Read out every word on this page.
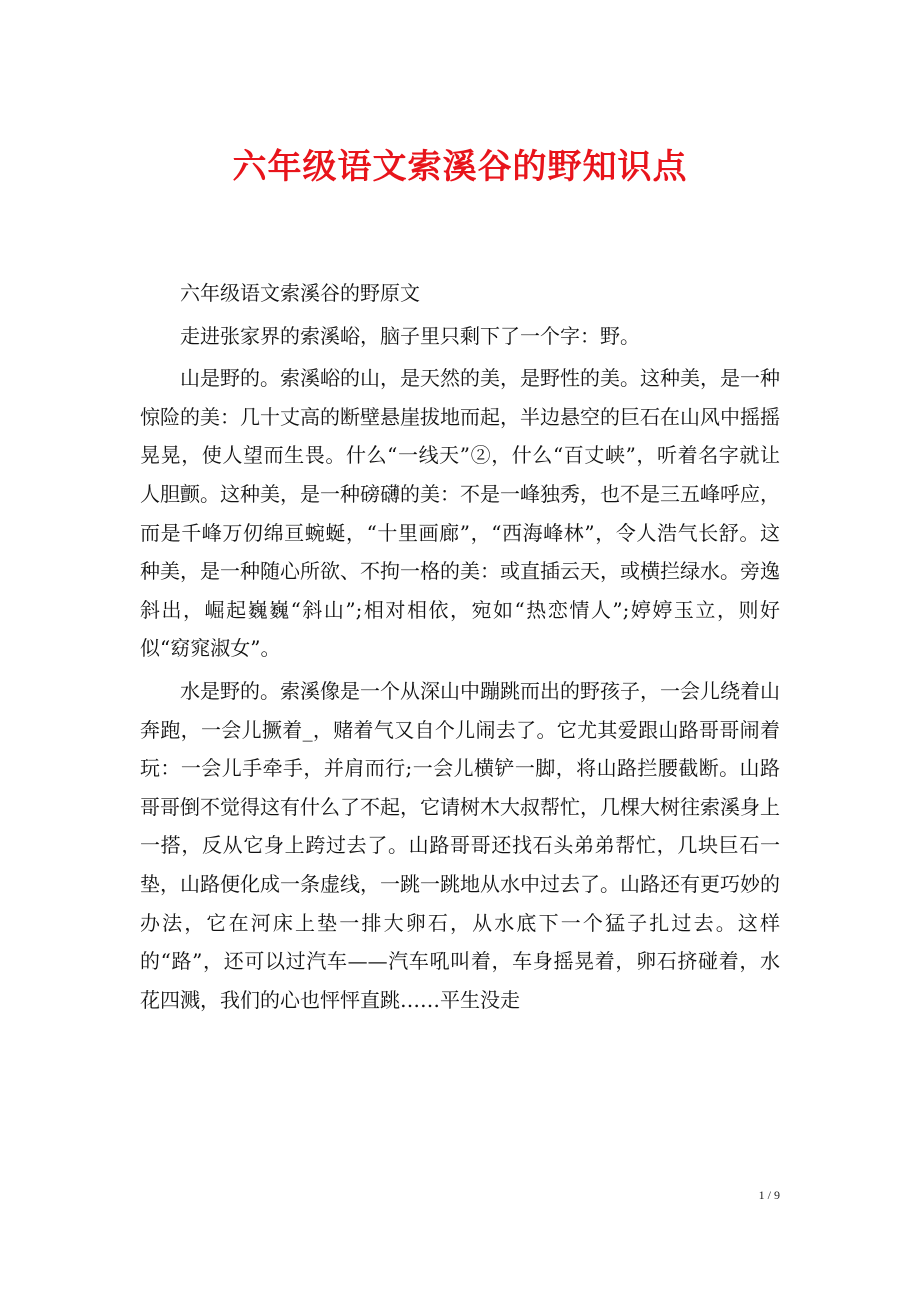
六年级语文索溪谷的野知识点

六年级语文索溪谷的野原文

走进张家界的索溪峪，脑子里只剩下了一个字：野。

山是野的。索溪峪的山，是天然的美，是野性的美。这种美，是一种惊险的美：几十丈高的断壁悬崖拔地而起，半边悬空的巨石在山风中摇摇晃晃，使人望而生畏。什么“一线天”②，什么“百丈峡”，听着名字就让人胆颤。这种美，是一种磅礴的美：不是一峰独秀，也不是三五峰呼应，而是千峰万仞绵亘蜿蜒，“十里画廊”，“西海峰林”，令人浩气长舒。这种美，是一种随心所欲、不拘一格的美：或直插云天，或横拦绿水。旁逸斜出，崛起巍巍“斜山”;相对相依，宛如“热恋情人”;婷婷玉立，则好似“窈窕淑女”。

水是野的。索溪像是一个从深山中蹦跳而出的野孩子，一会儿绕着山奔跑，一会儿撅着_，赌着气又自个儿闹去了。它尤其爱跟山路哥哥闹着玩：一会儿手牵手，并肩而行;一会儿横铲一脚，将山路拦腰截断。山路哥哥倒不觉得这有什么了不起，它请树木大叔帮忙，几棵大树往索溪身上一搭，反从它身上跨过去了。山路哥哥还找石头弟弟帮忙，几块巨石一垫，山路便化成一条虚线，一跳一跳地从水中过去了。山路还有更巧妙的办法，它在河床上垫一排大卵石，从水底下一个猛子扎过去。这样的“路”，还可以过汽车——汽车吼叫着，车身摇晃着，卵石挤碰着，水花四溅，我们的心也怦怦直跳……平生没走

1 / 9
